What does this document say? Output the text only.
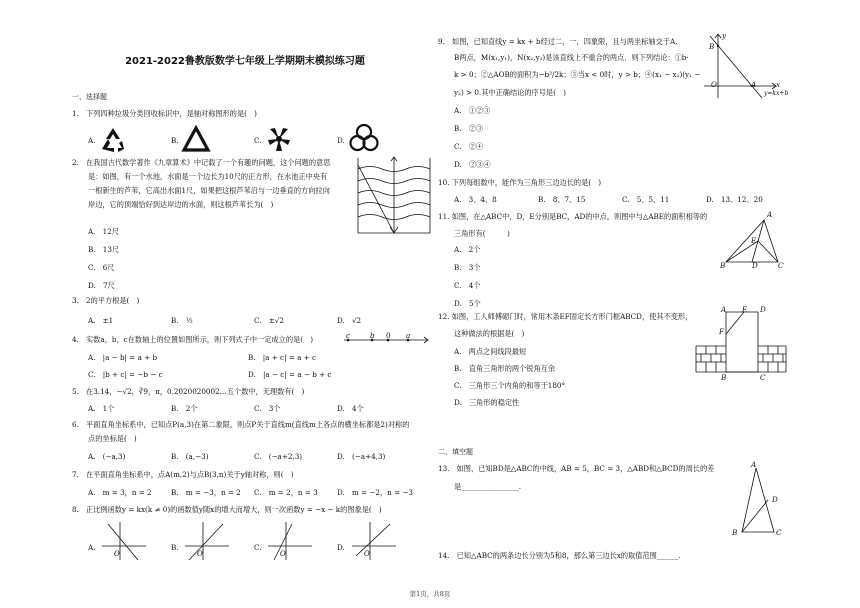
2021-2022鲁教版数学七年级上学期期末模拟练习题
一、选择题
1.　下列四种垃圾分类回收标识中，是轴对称图形的是(　)
A.	B.	C.	D.
2.　在我国古代数学著作《九章算术》中记载了一个有趣的问题，这个问题的意思
是：如图，有一个水池，水面是一个边长为10尺的正方形，在水池正中央有
一根新生的芦苇，它高出水面1尺，如果把这根芦苇沿与一边垂直的方向拉向
岸边，它的顶端恰好到达岸边的水面，则这根芦苇长为(　)
A.　12尺
B.　13尺
C.　6尺
D.　7尺
3.　2的平方根是(　)
A.　±1	B.　½	C.　±√2	D.　√2
4.　实数a，b，c在数轴上的位置如图所示，则下列式子中一定成立的是(　)	c	b 0 a
A.　|a − b| = a + b	B.　|a + c| = a + c
C.　|b + c| = −b − c	D.　|a − c| = a − b + c
5.　在3.14，−√2，∛9，π，0.2020020002…五个数中，无理数有(　)
A.　1个	B.　2个	C.　3个	D.　4个
6.　平面直角坐标系中，已知点P(a,3)在第二象限，则点P关于直线m(直线m上各点的横坐标都是2)对称的
点的坐标是(　)
A.　(−a,3)	B.　(a,−3)	C.　(−a+2,3)	D.　(−a+4,3)
7.　在平面直角坐标系中，点A(m,2)与点B(3,n)关于y轴对称，则(　)
A.　m = 3，n = 2	B.　m = −3，n = 2 C.　m = 2，n = 3	D.　m = −2，n = −3
8.　正比例函数y = kx(k ≠ 0)的函数值y随x的增大而增大，则一次函数y = −x − k的图象是(　)
A.
O
B.
O
C.
O
D.
O
9.　如图，已知直线y = kx + b经过二，一，四象限，且与两坐标轴交于A,
B两点，M(x₁,y₁)，N(x₂,y₂)是该直线上不重合的两点．则下列结论：①b·
k > 0；②△AOB的面积为−b²/2k；③当x < 0时，y > b；④(x₁ − x₂)(y₁ −
y₂) > 0.其中正确结论的序号是(　)
A.　①②③
B.　②③
C.　②④
D.　②③④
y
B
O	A	x
y=kx+b
10. 下列每组数中，能作为三角形三边边长的是(　)
A.　3、4、8	B.　8、7、15	C.　5、5、11	D.　13、12、20
11. 如图，在△ABC中，D，E分别是BC，AD的中点，则图中与△ABE的面积相等的
三角形有(　　　)
A.　2个
B.　3个
C.　4个
D.　5个
A
E
B	D	C
12. 如图，工人师傅砌门时，常用木条EF固定长方形门框ABCD，使其不变形，
这种做法的根据是(　)
A.　两点之间线段最短
B.　直角三角形的两个锐角互余
C.　三角形三个内角的和等于180°
D.　三角形的稳定性
A E D
F
B	C
二、填空题
13.　如图，已知BD是△ABC的中线，AB = 5，BC = 3，△ABD和△BCD的周长的差
是________________.
A
D
B	C
14.　已知△ABC的两条边长分别为5和8，那么第三边长x的取值范围______.
第1页，共8页
